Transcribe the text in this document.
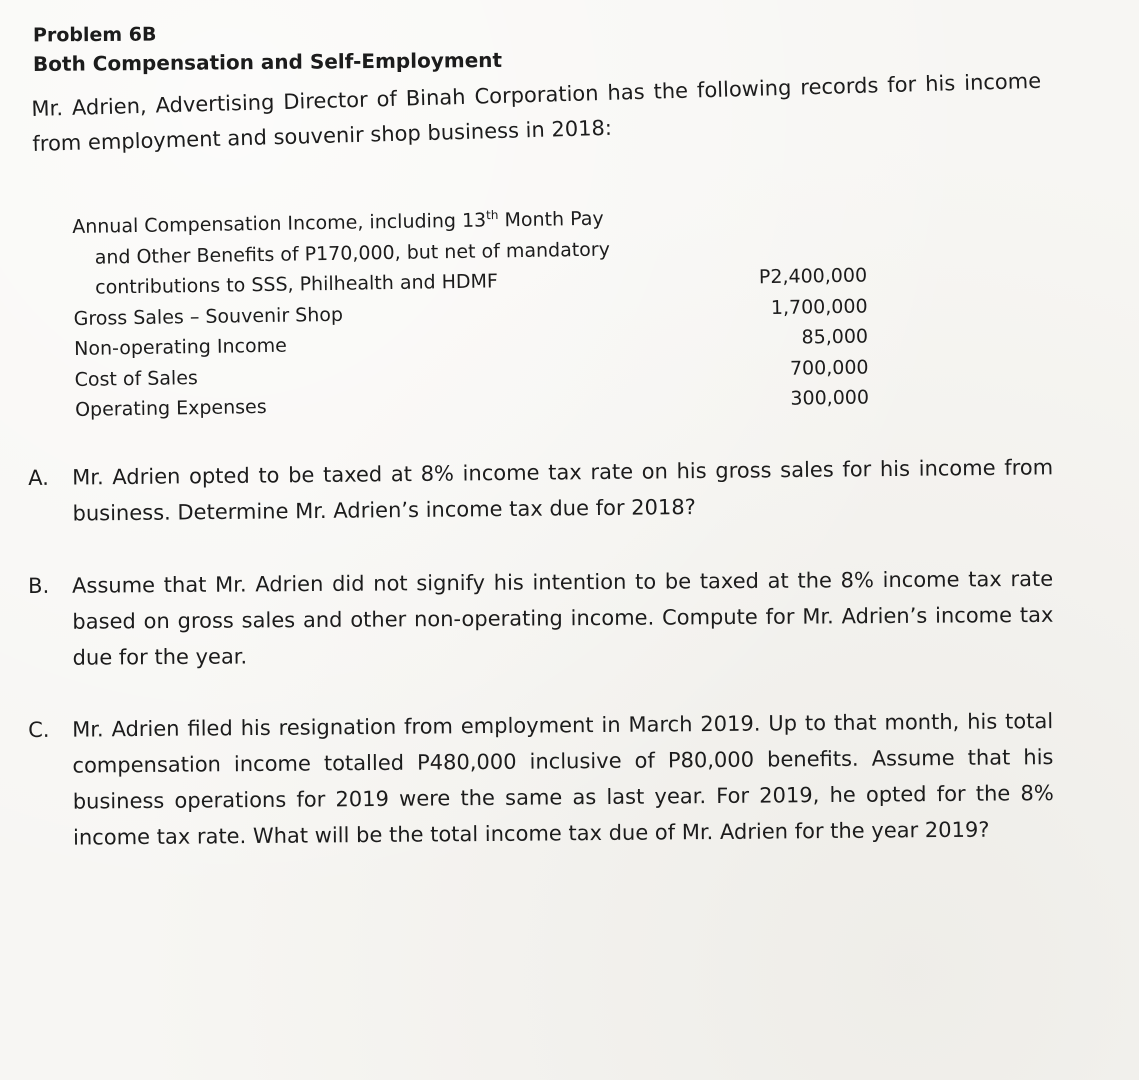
Problem 6B
Both Compensation and Self-Employment
Mr. Adrien, Advertising Director of Binah Corporation has the following records for his income from employment and souvenir shop business in 2018:
Annual Compensation Income, including 13th Month Pay
and Other Benefits of P170,000, but net of mandatory
contributions to SSS, Philhealth and HDMF	P2,400,000
Gross Sales – Souvenir Shop	1,700,000
Non-operating Income	85,000
Cost of Sales	700,000
Operating Expenses	300,000
A.	Mr. Adrien opted to be taxed at 8% income tax rate on his gross sales for his income from business. Determine Mr. Adrien’s income tax due for 2018?
B.	Assume that Mr. Adrien did not signify his intention to be taxed at the 8% income tax rate based on gross sales and other non-operating income. Compute for Mr. Adrien’s income tax due for the year.
C.	Mr. Adrien filed his resignation from employment in March 2019. Up to that month, his total compensation income totalled P480,000 inclusive of P80,000 benefits. Assume that his business operations for 2019 were the same as last year. For 2019, he opted for the 8% income tax rate. What will be the total income tax due of Mr. Adrien for the year 2019?
